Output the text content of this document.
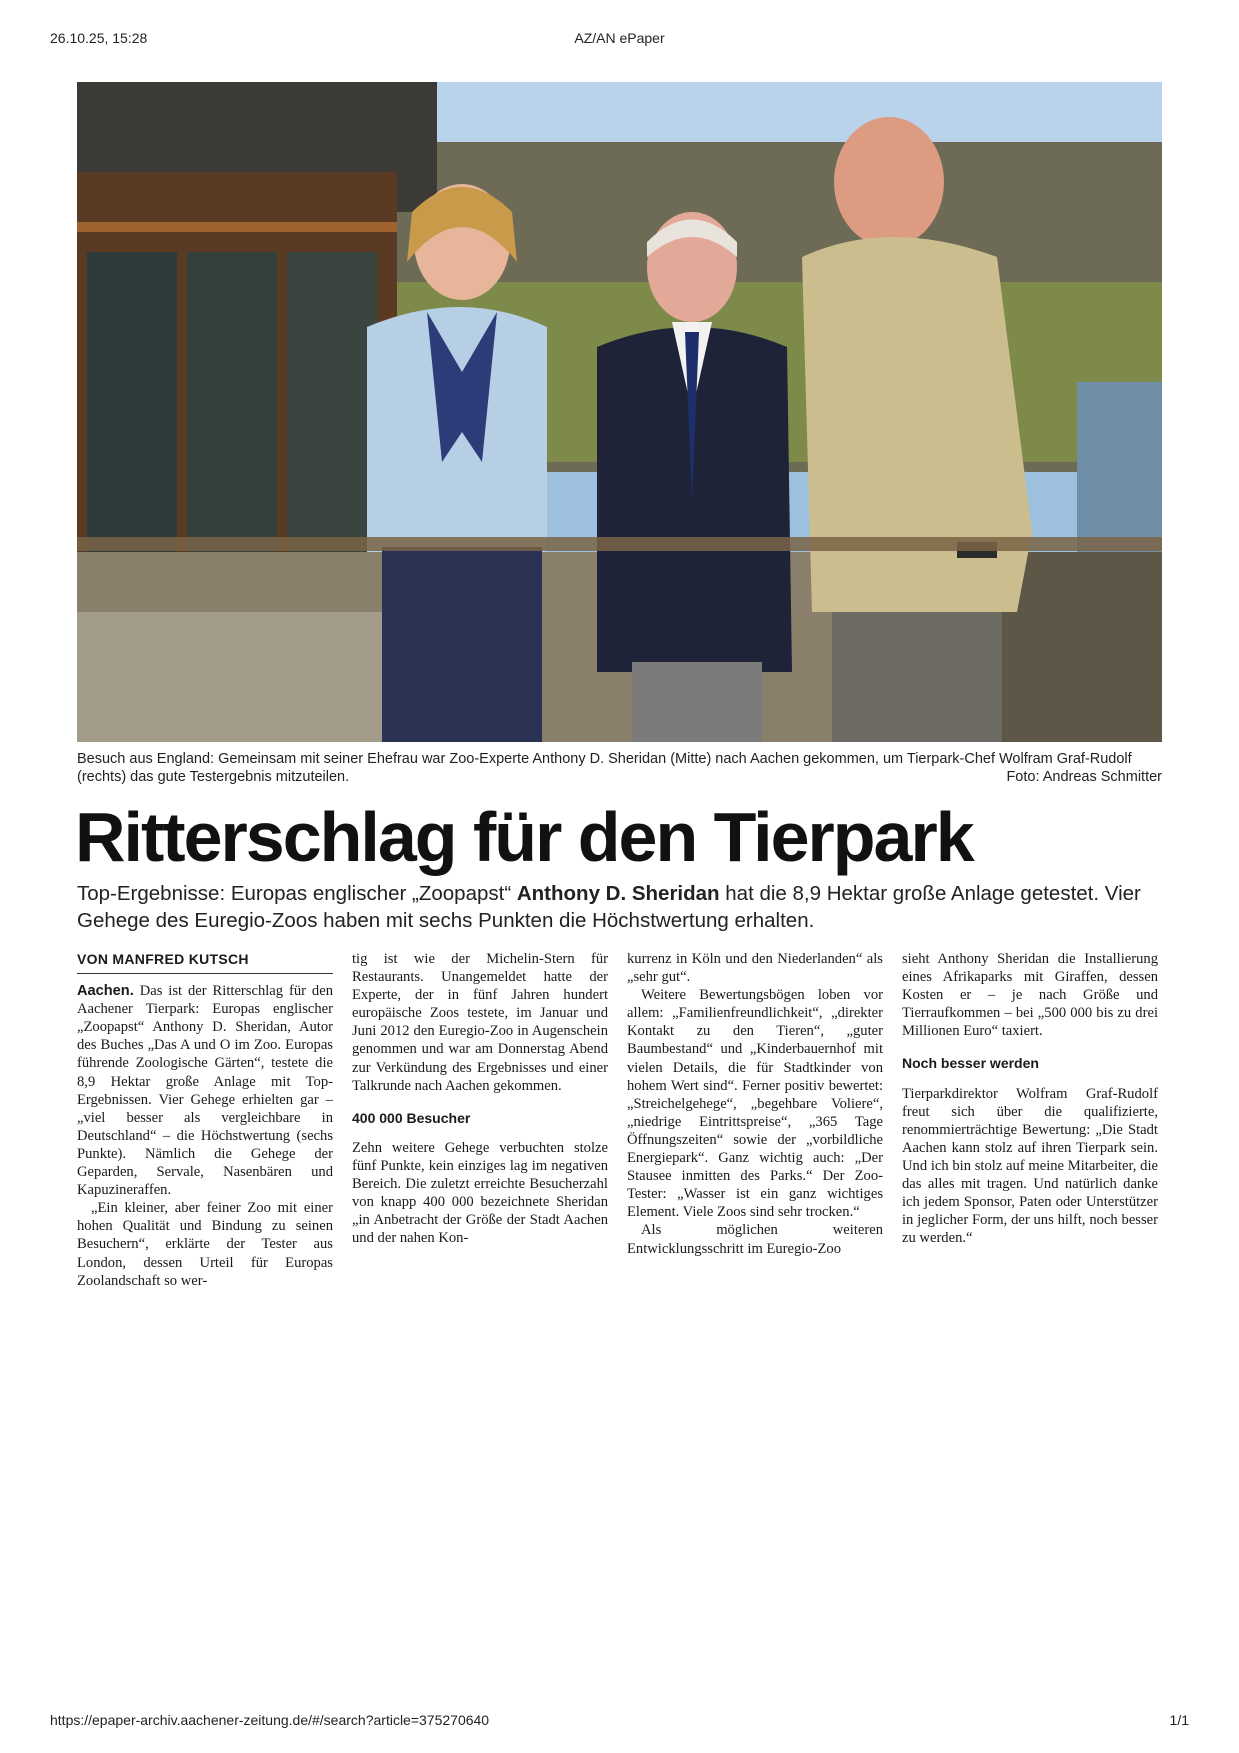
26.10.25, 15:28	AZ/AN ePaper
Besuch aus England: Gemeinsam mit seiner Ehefrau war Zoo-Experte Anthony D. Sheridan (Mitte) nach Aachen gekommen, um Tierpark-Chef Wolfram Graf-Rudolf (rechts) das gute Testergebnis mitzuteilen.	Foto: Andreas Schmitter
Ritterschlag für den Tierpark
Top-Ergebnisse: Europas englischer „Zoopapst“ Anthony D. Sheridan hat die 8,9 Hektar große Anlage getestet. Vier Gehege des Euregio-Zoos haben mit sechs Punkten die Höchstwertung erhalten.
VON MANFRED KUTSCH

Aachen. Das ist der Ritterschlag für den Aachener Tierpark: Europas englischer „Zoopapst“ Anthony D. Sheridan, Autor des Buches „Das A und O im Zoo. Europas führende Zoologische Gärten“, testete die 8,9 Hektar große Anlage mit Top-Ergebnissen. Vier Gehege erhielten gar – „viel besser als vergleichbare in Deutschland“ – die Höchstwertung (sechs Punkte). Nämlich die Gehege der Geparden, Servale, Nasenbären und Kapuzineraffen.

„Ein kleiner, aber feiner Zoo mit einer hohen Qualität und Bindung zu seinen Besuchern“, erklärte der Tester aus London, dessen Urteil für Europas Zoolandschaft so wer-

tig ist wie der Michelin-Stern für Restaurants. Unangemeldet hatte der Experte, der in fünf Jahren hundert europäische Zoos testete, im Januar und Juni 2012 den Euregio-Zoo in Augenschein genommen und war am Donnerstag Abend zur Verkündung des Ergebnisses und einer Talkrunde nach Aachen gekommen.

400 000 Besucher

Zehn weitere Gehege verbuchten stolze fünf Punkte, kein einziges lag im negativen Bereich. Die zuletzt erreichte Besucherzahl von knapp 400 000 bezeichnete Sheridan „in Anbetracht der Größe der Stadt Aachen und der nahen Kon-

kurrenz in Köln und den Niederlanden“ als „sehr gut“.

Weitere Bewertungsbögen loben vor allem: „Familienfreundlichkeit“, „direkter Kontakt zu den Tieren“, „guter Baumbestand“ und „Kinderbauernhof mit vielen Details, die für Stadtkinder von hohem Wert sind“. Ferner positiv bewertet: „Streichelgehege“, „begehbare Voliere“, „niedrige Eintrittspreise“, „365 Tage Öffnungszeiten“ sowie der „vorbildliche Energiepark“. Ganz wichtig auch: „Der Stausee inmitten des Parks.“ Der Zoo-Tester: „Wasser ist ein ganz wichtiges Element. Viele Zoos sind sehr trocken.“

Als möglichen weiteren Entwicklungsschritt im Euregio-Zoo

sieht Anthony Sheridan die Installierung eines Afrikaparks mit Giraffen, dessen Kosten er – je nach Größe und Tierraufkommen – bei „500 000 bis zu drei Millionen Euro“ taxiert.

Noch besser werden

Tierparkdirektor Wolfram Graf-Rudolf freut sich über die qualifizierte, renommierträchtige Bewertung: „Die Stadt Aachen kann stolz auf ihren Tierpark sein. Und ich bin stolz auf meine Mitarbeiter, die das alles mit tragen. Und natürlich danke ich jedem Sponsor, Paten oder Unterstützer in jeglicher Form, der uns hilft, noch besser zu werden.“

https://epaper-archiv.aachener-zeitung.de/#/search?article=375270640	1/1
